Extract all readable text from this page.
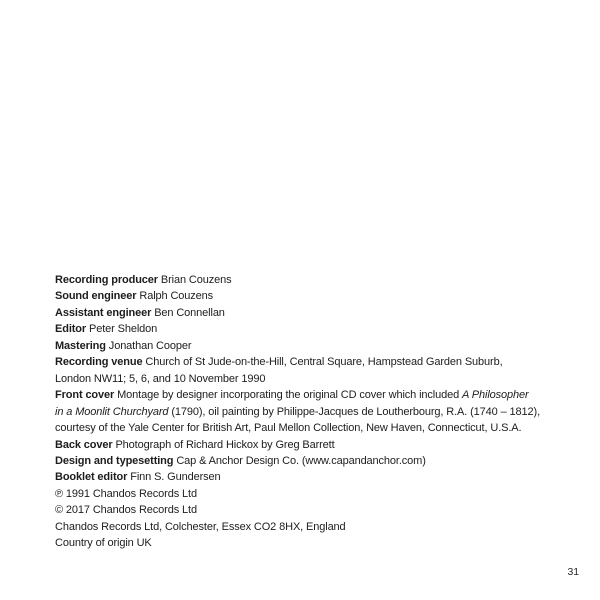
Recording producer Brian Couzens
Sound engineer Ralph Couzens
Assistant engineer Ben Connellan
Editor Peter Sheldon
Mastering Jonathan Cooper
Recording venue Church of St Jude-on-the-Hill, Central Square, Hampstead Garden Suburb,
London NW11; 5, 6, and 10 November 1990
Front cover Montage by designer incorporating the original CD cover which included A Philosopher
in a Moonlit Churchyard (1790), oil painting by Philippe-Jacques de Loutherbourg, R.A. (1740 – 1812),
courtesy of the Yale Center for British Art, Paul Mellon Collection, New Haven, Connecticut, U.S.A.
Back cover Photograph of Richard Hickox by Greg Barrett
Design and typesetting Cap & Anchor Design Co. (www.capandanchor.com)
Booklet editor Finn S. Gundersen
℗ 1991 Chandos Records Ltd
© 2017 Chandos Records Ltd
Chandos Records Ltd, Colchester, Essex CO2 8HX, England
Country of origin UK
31
